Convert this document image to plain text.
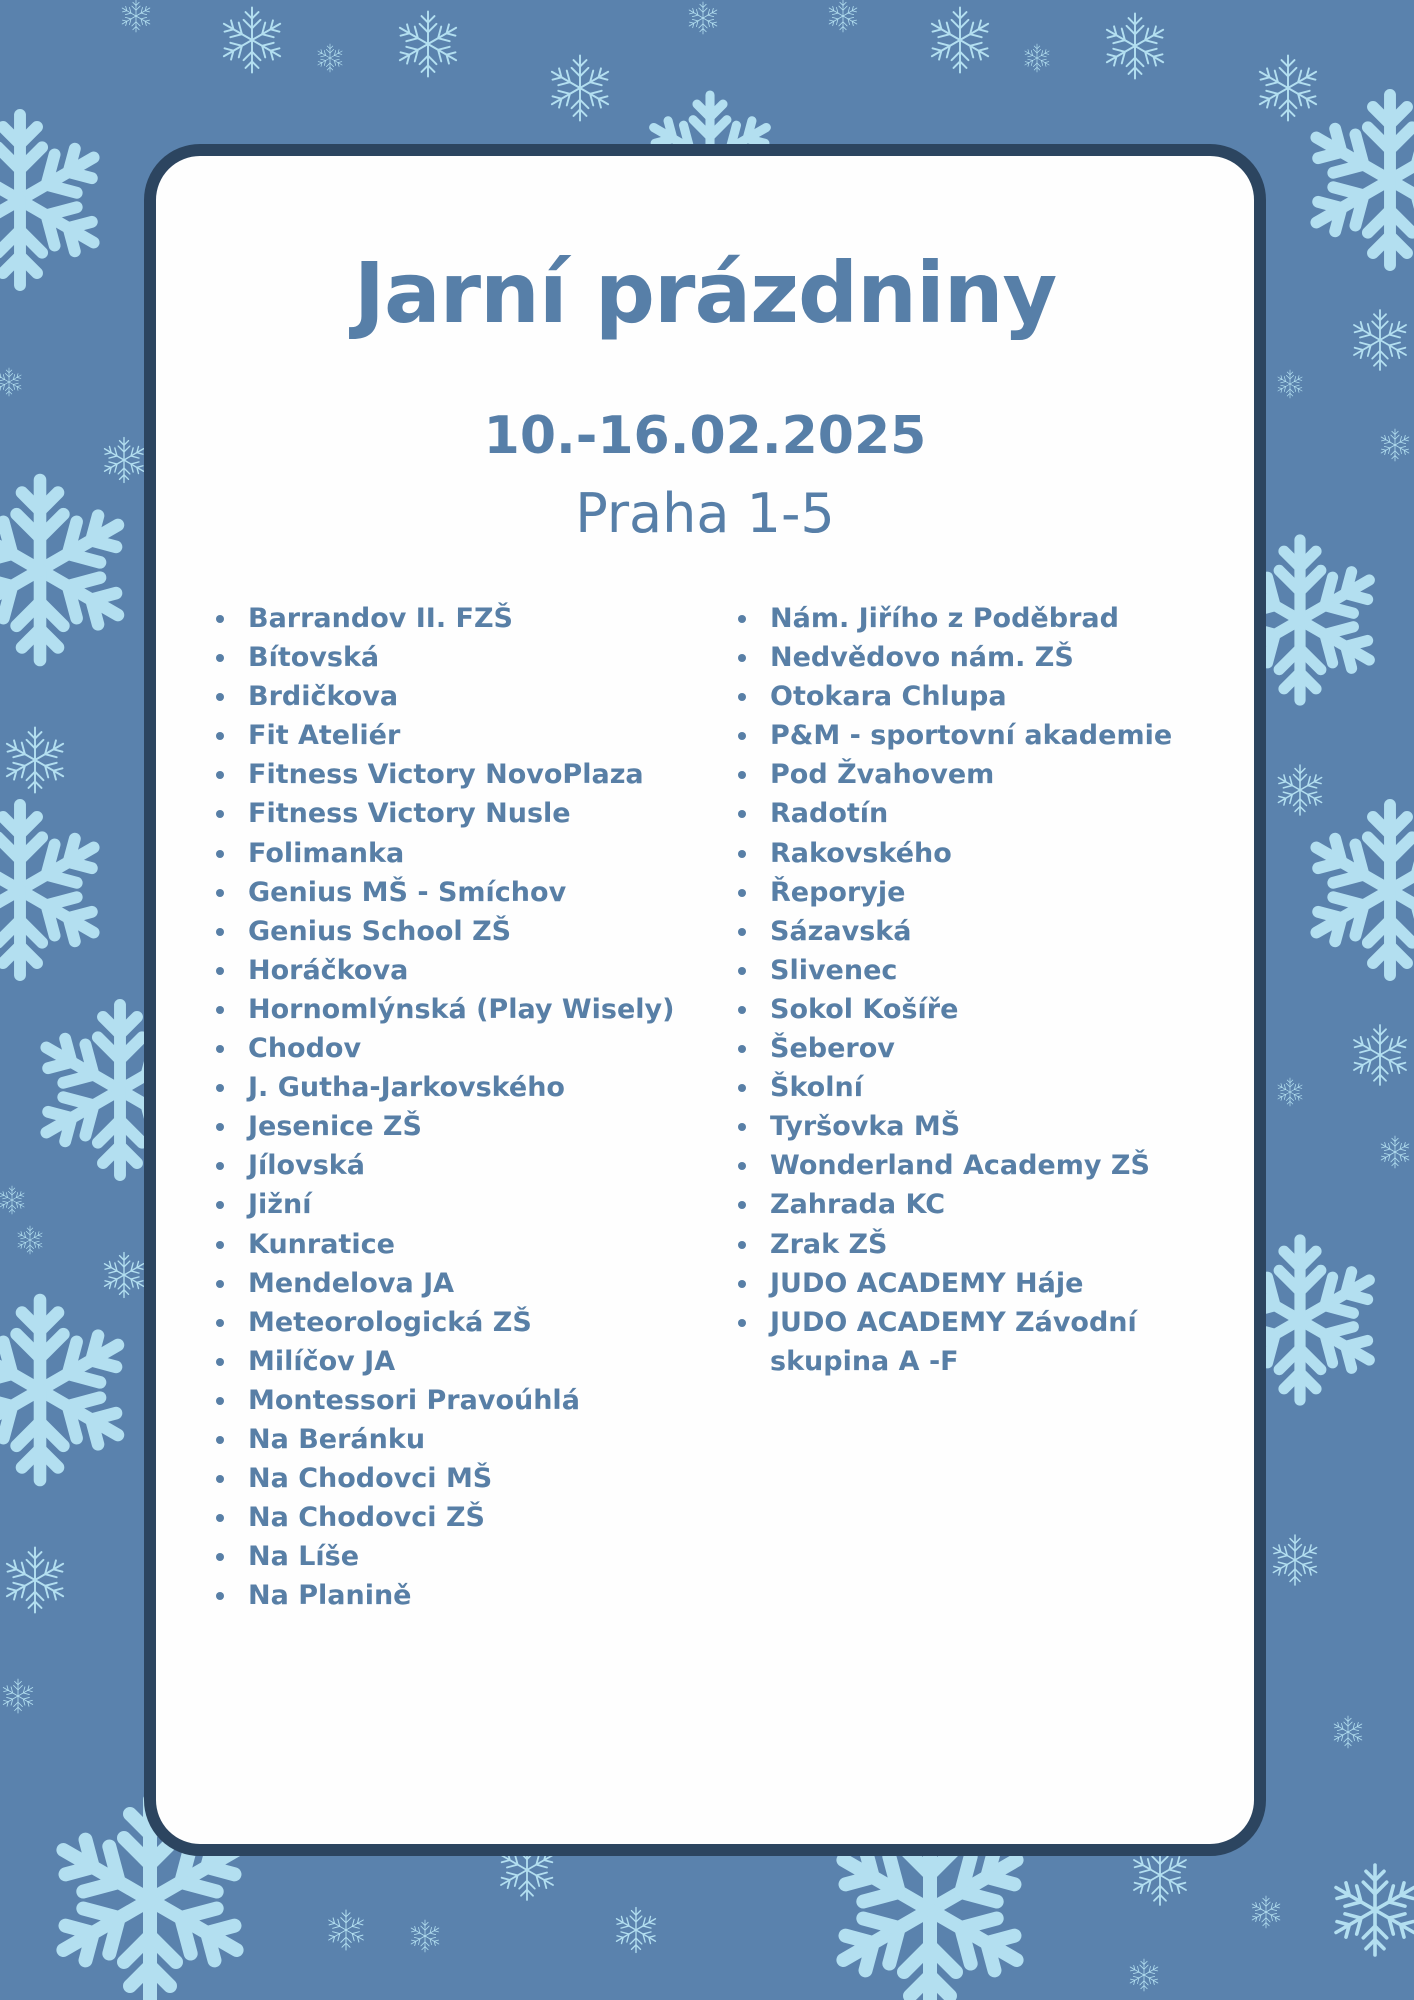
Jarní prázdniny
10.-16.02.2025
Praha 1-5
Barrandov II. FZŠ
Bítovská
Brdičkova
Fit Ateliér
Fitness Victory NovoPlaza
Fitness Victory Nusle
Folimanka
Genius MŠ - Smíchov
Genius School ZŠ
Horáčkova
Hornomlýnská (Play Wisely)
Chodov
J. Gutha-Jarkovského
Jesenice ZŠ
Jílovská
Jižní
Kunratice
Mendelova JA
Meteorologická ZŠ
Milíčov JA
Montessori Pravoúhlá
Na Beránku
Na Chodovci MŠ
Na Chodovci ZŠ
Na Líše
Na Planině
Nám. Jiřího z Poděbrad
Nedvědovo nám. ZŠ
Otokara Chlupa
P&M - sportovní akademie
Pod Žvahovem
Radotín
Rakovského
Řeporyje
Sázavská
Slivenec
Sokol Košíře
Šeberov
Školní
Tyršovka MŠ
Wonderland Academy ZŠ
Zahrada KC
Zrak ZŠ
JUDO ACADEMY Háje
JUDO ACADEMY Závodní skupina A -F
